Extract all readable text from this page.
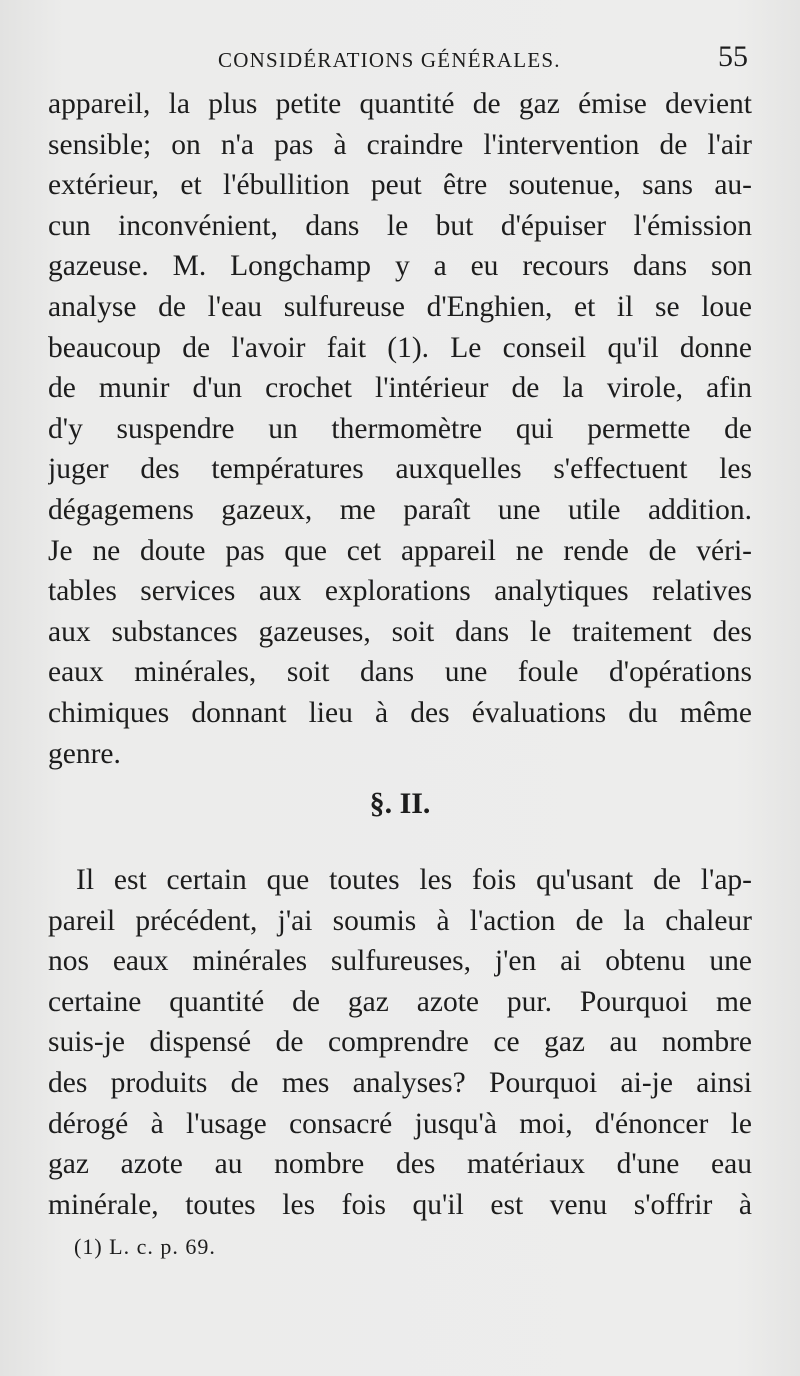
CONSIDÉRATIONS GÉNÉRALES.	55
appareil, la plus petite quantité de gaz émise devient
sensible; on n'a pas à craindre l'intervention de l'air
extérieur, et l'ébullition peut être soutenue, sans au-
cun inconvénient, dans le but d'épuiser l'émission
gazeuse. M. Longchamp y a eu recours dans son
analyse de l'eau sulfureuse d'Enghien, et il se loue
beaucoup de l'avoir fait (1). Le conseil qu'il donne
de munir d'un crochet l'intérieur de la virole, afin
d'y suspendre un thermomètre qui permette de
juger des températures auxquelles s'effectuent les
dégagemens gazeux, me paraît une utile addition.
Je ne doute pas que cet appareil ne rende de véri-
tables services aux explorations analytiques relatives
aux substances gazeuses, soit dans le traitement des
eaux minérales, soit dans une foule d'opérations
chimiques donnant lieu à des évaluations du même
genre.
§. II.
Il est certain que toutes les fois qu'usant de l'ap-
pareil précédent, j'ai soumis à l'action de la chaleur
nos eaux minérales sulfureuses, j'en ai obtenu une
certaine quantité de gaz azote pur. Pourquoi me
suis-je dispensé de comprendre ce gaz au nombre
des produits de mes analyses? Pourquoi ai-je ainsi
dérogé à l'usage consacré jusqu'à moi, d'énoncer le
gaz azote au nombre des matériaux d'une eau
minérale, toutes les fois qu'il est venu s'offrir à
(1) L. c. p. 69.
